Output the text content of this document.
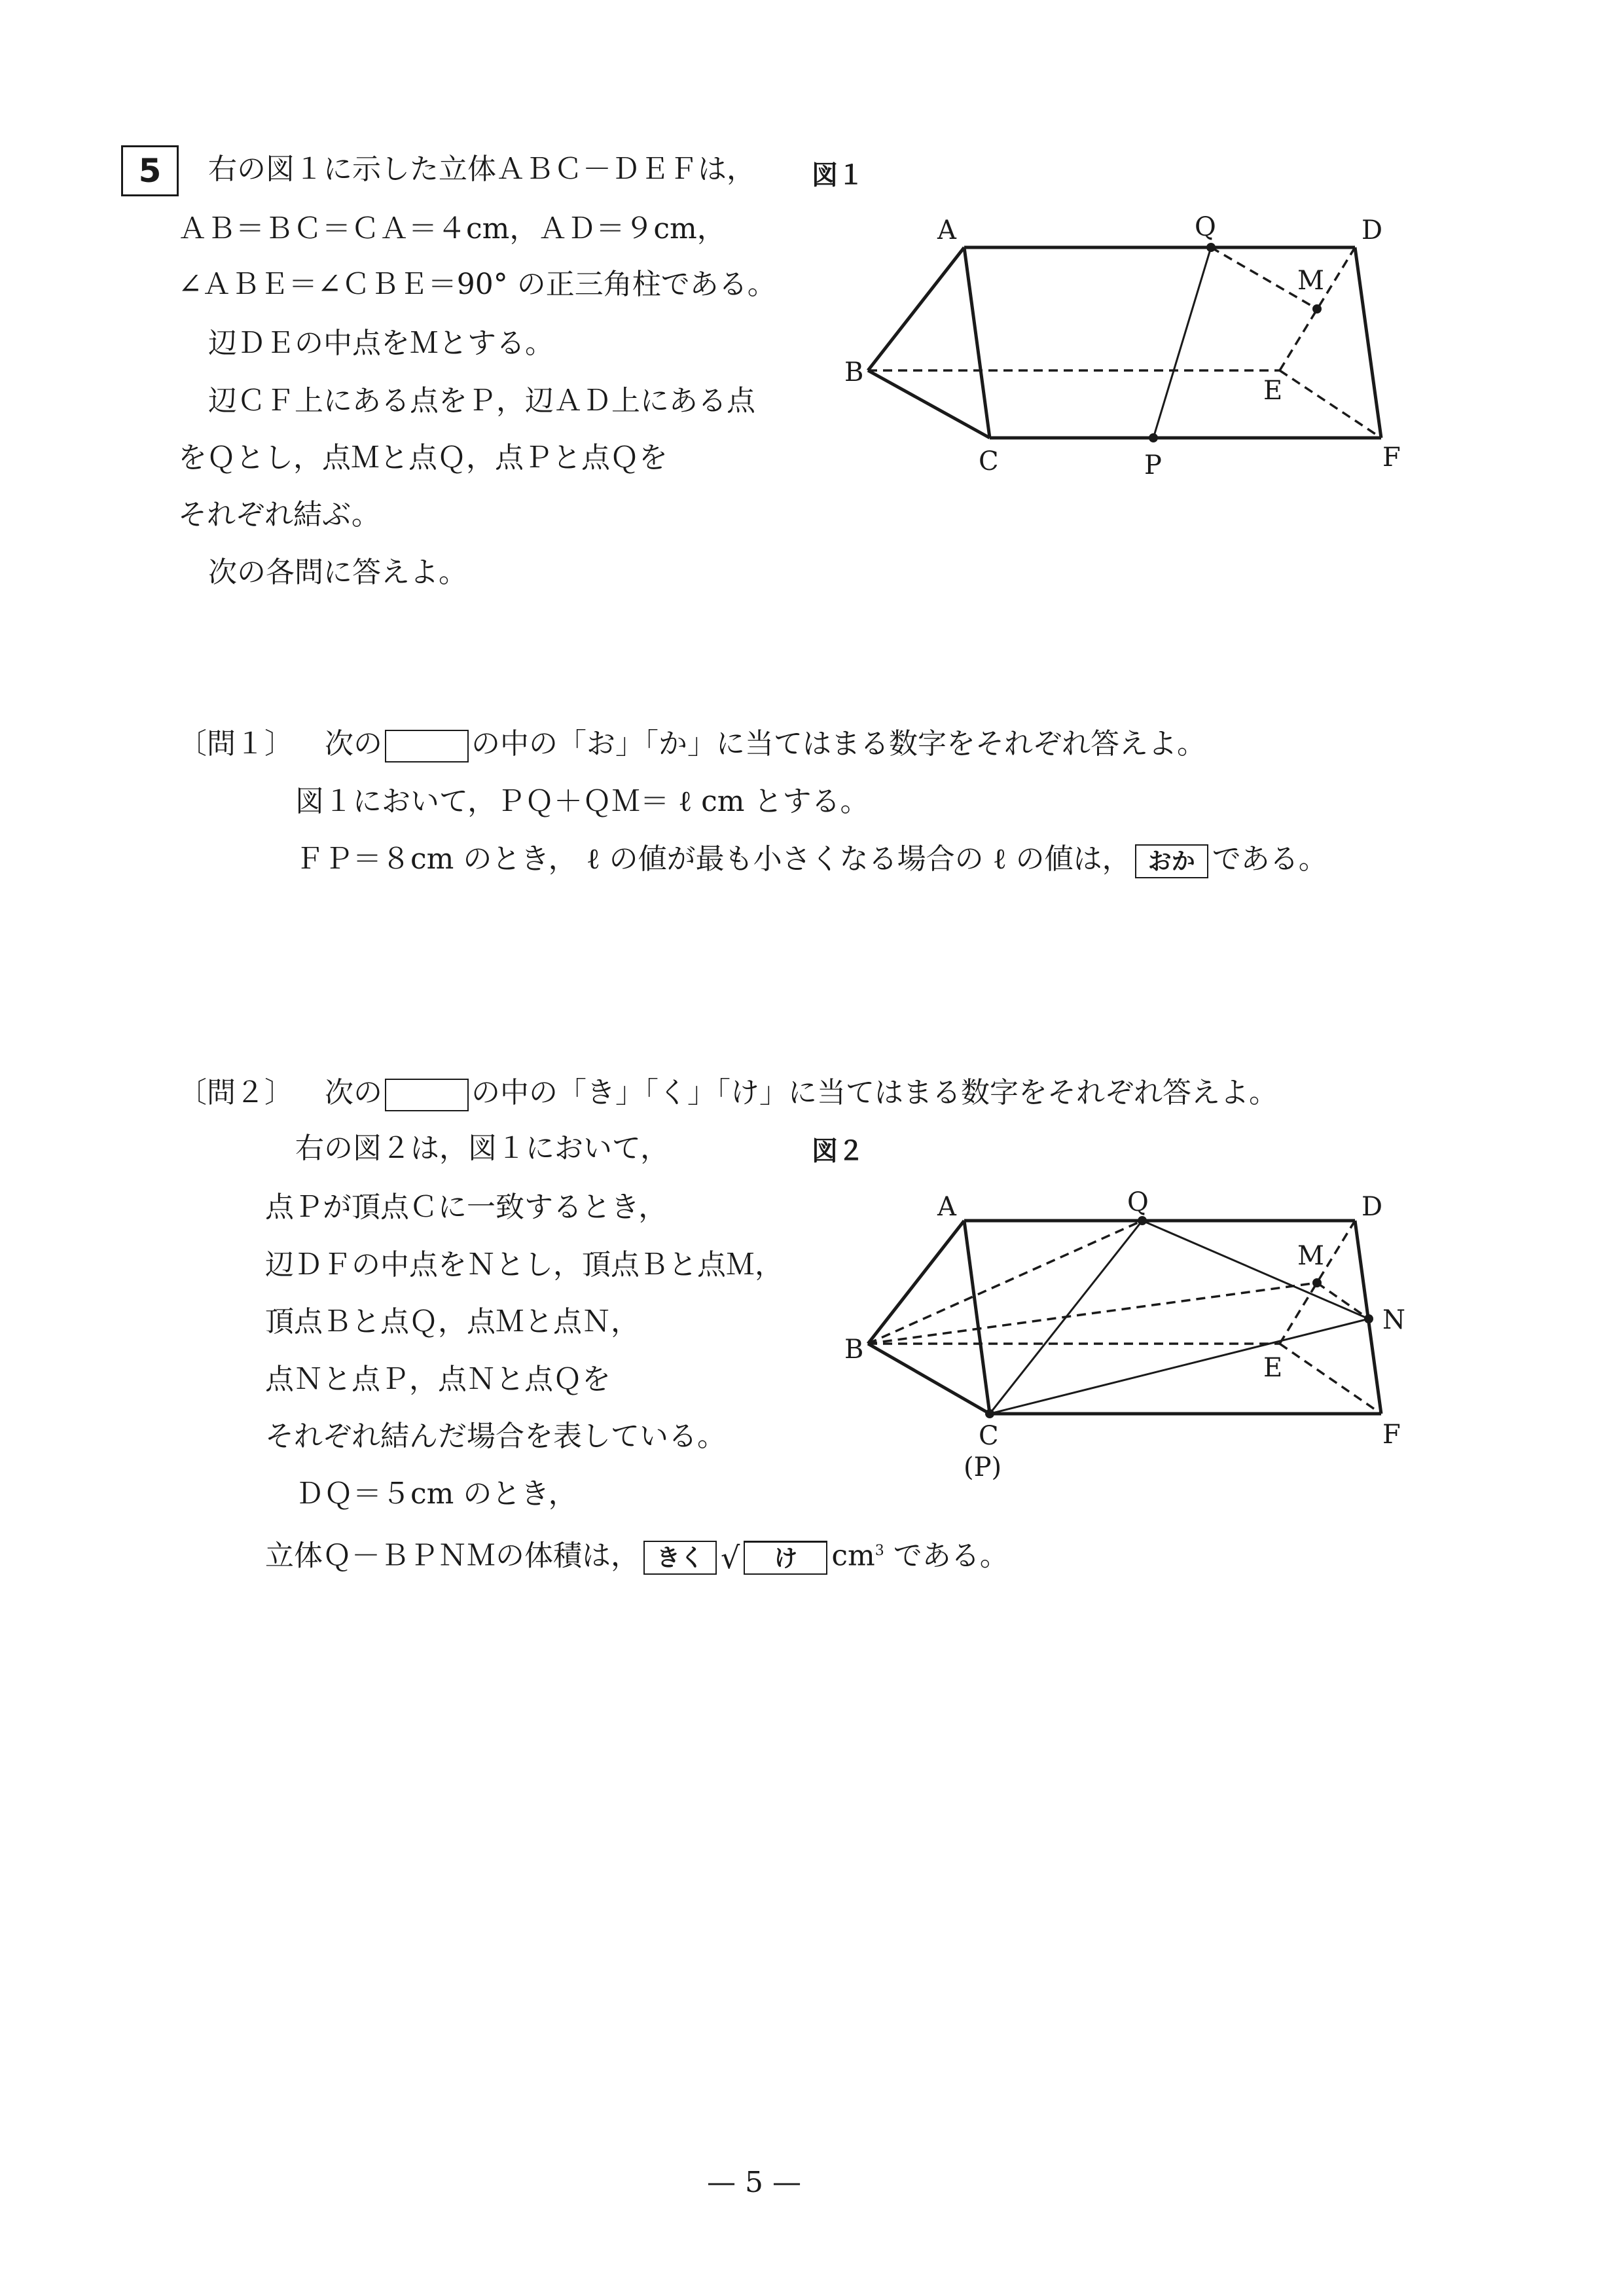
5	右の図１に示した立体ＡＢＣ－ＤＥＦは，
ＡＢ＝ＢＣ＝ＣＡ＝４cm，ＡＤ＝９cm，
∠ＡＢＥ＝∠ＣＢＥ＝90° の正三角柱である。
辺ＤＥの中点をＭとする。
辺ＣＦ上にある点をＰ，辺ＡＤ上にある点
をＱとし，点Ｍと点Ｑ，点Ｐと点Ｑを
それぞれ結ぶ。
次の各問に答えよ。
図１
A	Q	D
M
B
E
C	P	F
〔問１〕 次の	の中の「お」「か」に当てはまる数字をそれぞれ答えよ。
図１において，ＰＱ＋ＱＭ＝ ℓ cm とする。
ＦＰ＝８cm のとき， ℓ の値が最も小さくなる場合の ℓ の値は， おか である。
〔問２〕 次の	の中の「き」「く」「け」に当てはまる数字をそれぞれ答えよ。
右の図２は，図１において，
点Ｐが頂点Ｃに一致するとき，
辺ＤＦの中点をＮとし，頂点Ｂと点Ｍ，
頂点Ｂと点Ｑ，点Ｍと点Ｎ，
点Ｎと点Ｐ，点Ｎと点Ｑを
それぞれ結んだ場合を表している。
ＤＱ＝５cm のとき，
立体Ｑ－ＢＰＮＭの体積は， きく √ け $cm^3$ である。
図２
A	Q	D
M
N
B
E
C
(P)
F
— 5 —
